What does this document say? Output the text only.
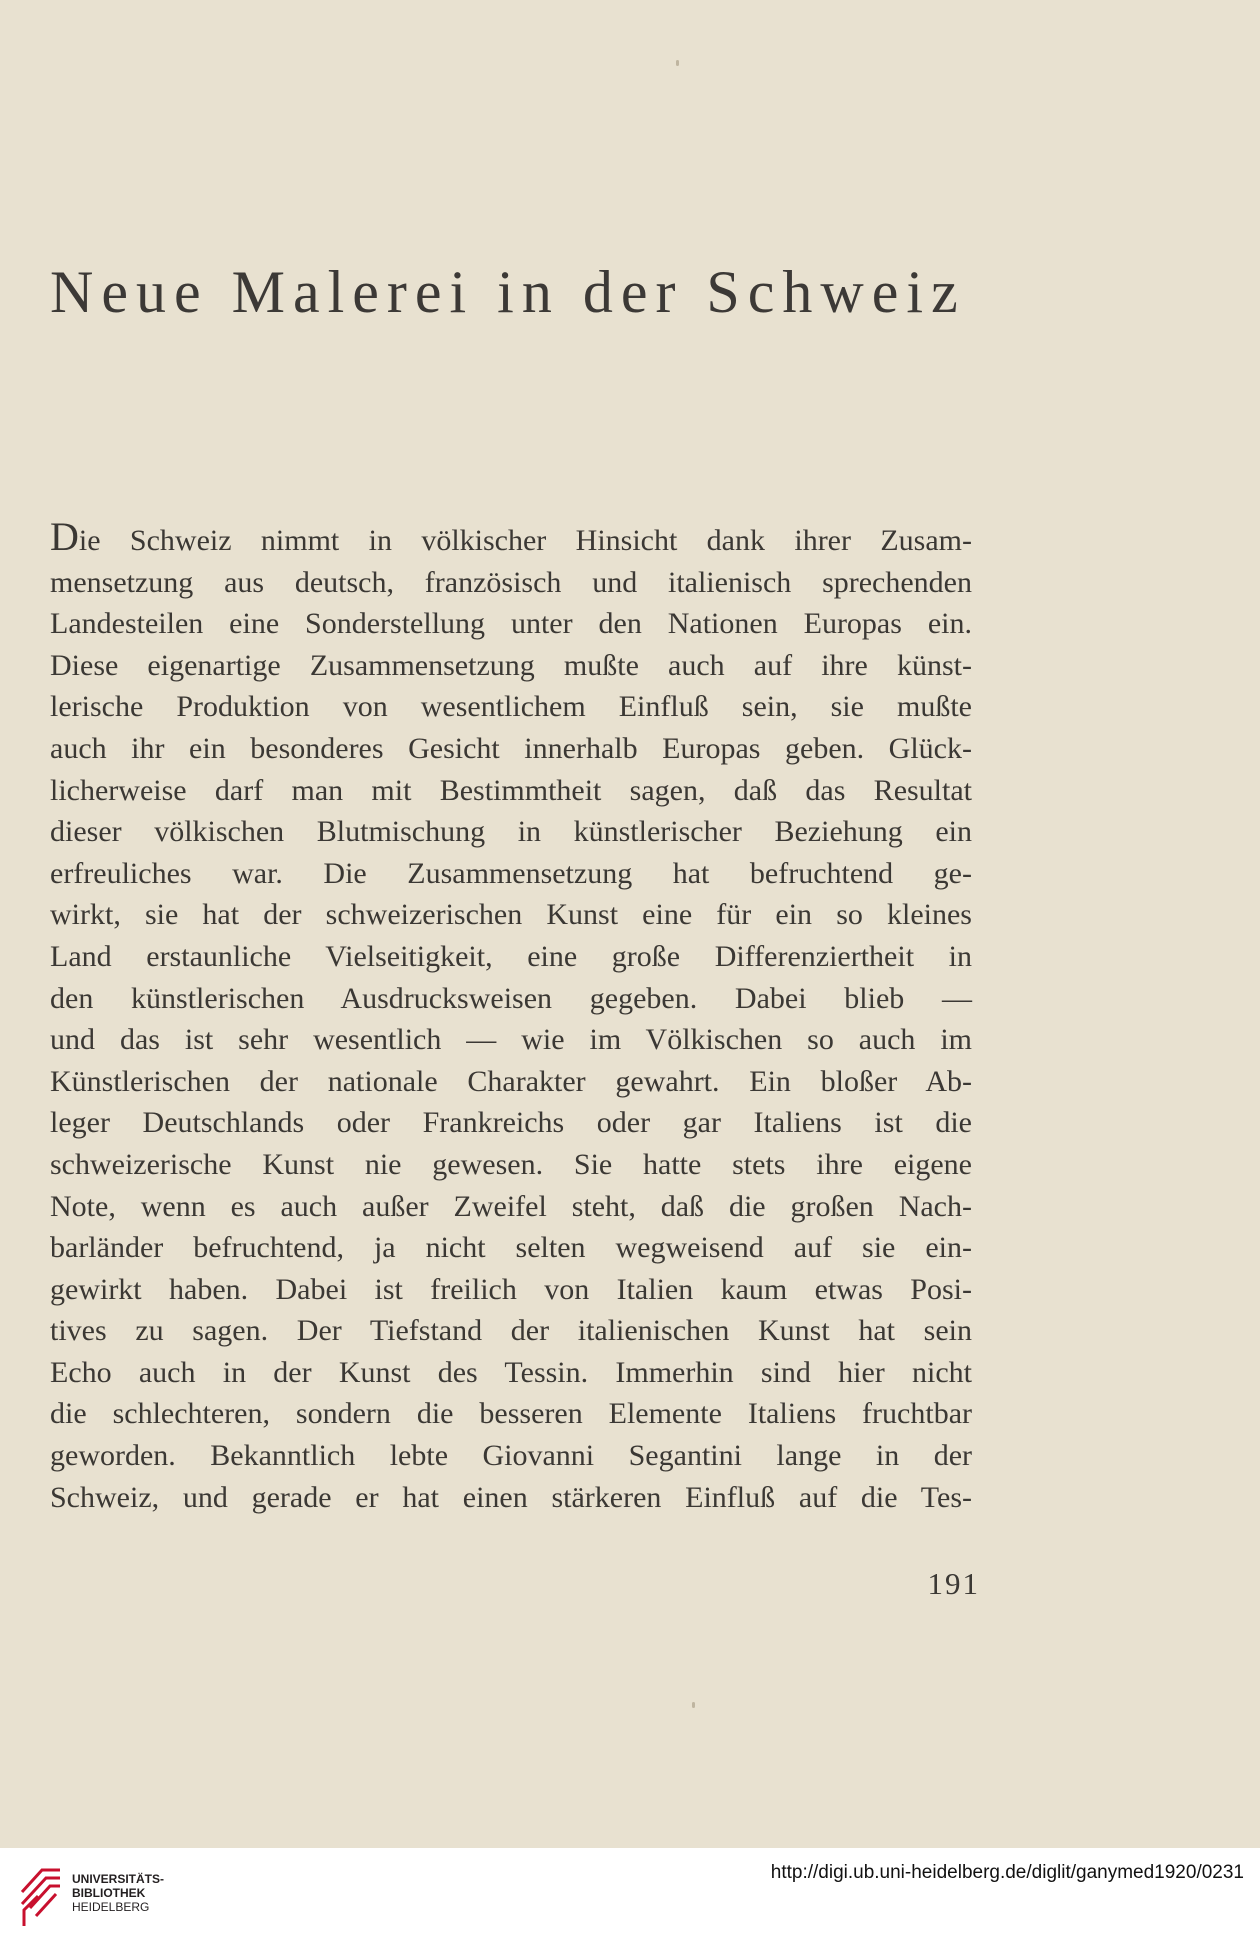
Neue Malerei in der Schweiz
Die Schweiz nimmt in völkischer Hinsicht dank ihrer Zusam-
mensetzung aus deutsch, französisch und italienisch sprechenden
Landesteilen eine Sonderstellung unter den Nationen Europas ein.
Diese eigenartige Zusammensetzung mußte auch auf ihre künst-
lerische Produktion von wesentlichem Einfluß sein, sie mußte
auch ihr ein besonderes Gesicht innerhalb Europas geben. Glück-
licherweise darf man mit Bestimmtheit sagen, daß das Resultat
dieser völkischen Blutmischung in künstlerischer Beziehung ein
erfreuliches war. Die Zusammensetzung hat befruchtend ge-
wirkt, sie hat der schweizerischen Kunst eine für ein so kleines
Land erstaunliche Vielseitigkeit, eine große Differenziertheit in
den künstlerischen Ausdrucksweisen gegeben. Dabei blieb —
und das ist sehr wesentlich — wie im Völkischen so auch im
Künstlerischen der nationale Charakter gewahrt. Ein bloßer Ab-
leger Deutschlands oder Frankreichs oder gar Italiens ist die
schweizerische Kunst nie gewesen. Sie hatte stets ihre eigene
Note, wenn es auch außer Zweifel steht, daß die großen Nach-
barländer befruchtend, ja nicht selten wegweisend auf sie ein-
gewirkt haben. Dabei ist freilich von Italien kaum etwas Posi-
tives zu sagen. Der Tiefstand der italienischen Kunst hat sein
Echo auch in der Kunst des Tessin. Immerhin sind hier nicht
die schlechteren, sondern die besseren Elemente Italiens fruchtbar
geworden. Bekanntlich lebte Giovanni Segantini lange in der
Schweiz, und gerade er hat einen stärkeren Einfluß auf die Tes-
191
UNIVERSITÄTS-
BIBLIOTHEK
HEIDELBERG
http://digi.ub.uni-heidelberg.de/diglit/ganymed1920/0231
